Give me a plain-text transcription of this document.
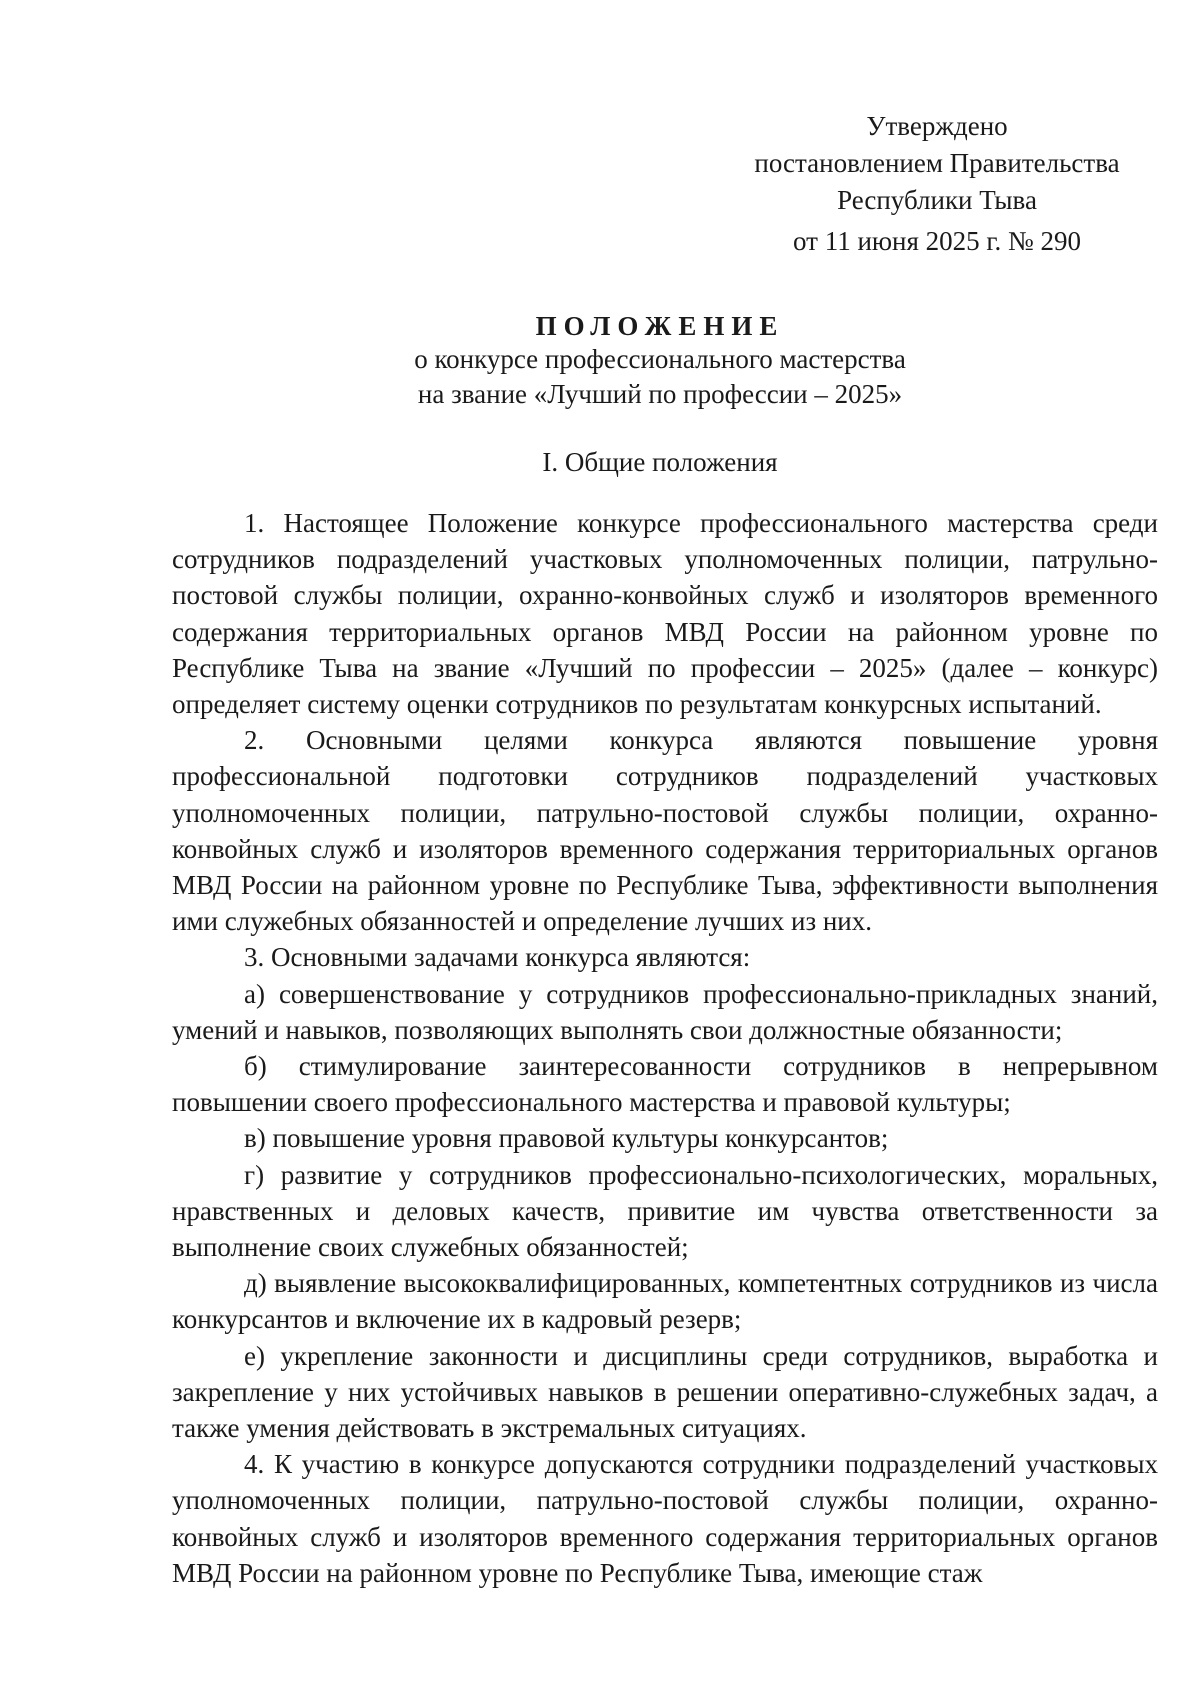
Утверждено
постановлением Правительства
Республики Тыва
от 11 июня 2025 г. № 290
ПОЛОЖЕНИЕ
о конкурсе профессионального мастерства
на звание «Лучший по профессии – 2025»
I. Общие положения

1. Настоящее Положение конкурсе профессионального мастерства среди сотрудников подразделений участковых уполномоченных полиции, патрульно-постовой службы полиции, охранно-конвойных служб и изоляторов временного содержания территориальных органов МВД России на районном уровне по Республике Тыва на звание «Лучший по профессии – 2025» (далее – конкурс) определяет систему оценки сотрудников по результатам конкурсных испытаний.

2. Основными целями конкурса являются повышение уровня профессиональной подготовки сотрудников подразделений участковых уполномоченных полиции, патрульно-постовой службы полиции, охранно-конвойных служб и изоляторов временного содержания территориальных органов МВД России на районном уровне по Республике Тыва, эффективности выполнения ими служебных обязанностей и определение лучших из них.

3. Основными задачами конкурса являются:

а) совершенствование у сотрудников профессионально-прикладных знаний, умений и навыков, позволяющих выполнять свои должностные обязанности;

б) стимулирование заинтересованности сотрудников в непрерывном повышении своего профессионального мастерства и правовой культуры;

в) повышение уровня правовой культуры конкурсантов;

г) развитие у сотрудников профессионально-психологических, моральных, нравственных и деловых качеств, привитие им чувства ответственности за выполнение своих служебных обязанностей;

д) выявление высококвалифицированных, компетентных сотрудников из числа конкурсантов и включение их в кадровый резерв;

е) укрепление законности и дисциплины среди сотрудников, выработка и закрепление у них устойчивых навыков в решении оперативно-служебных задач, а также умения действовать в экстремальных ситуациях.

4. К участию в конкурсе допускаются сотрудники подразделений участковых уполномоченных полиции, патрульно-постовой службы полиции, охранно-конвойных служб и изоляторов временного содержания территориальных органов МВД России на районном уровне по Республике Тыва, имеющие стаж
